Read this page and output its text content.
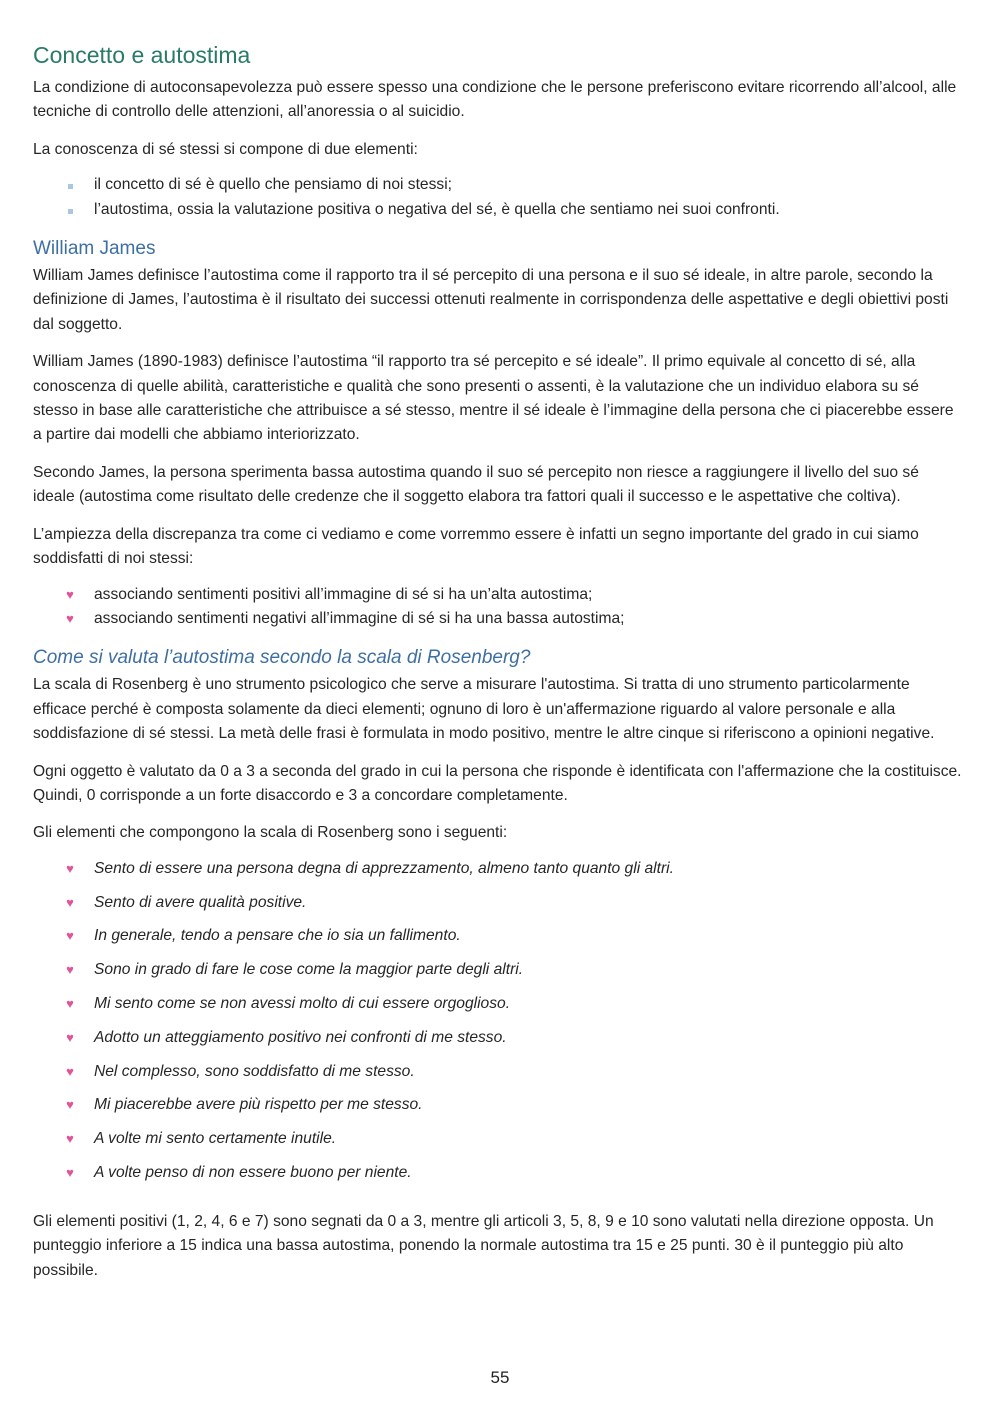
Concetto e autostima

La condizione di autoconsapevolezza può essere spesso una condizione che le persone preferiscono evitare ricorrendo all’alcool, alle tecniche di controllo delle attenzioni, all’anoressia o al suicidio.

La conoscenza di sé stessi si compone di due elementi:

il concetto di sé è quello che pensiamo di noi stessi;
l’autostima, ossia la valutazione positiva o negativa del sé, è quella che sentiamo nei suoi confronti.
William James

William James definisce l’autostima come il rapporto tra il sé percepito di una persona e il suo sé ideale, in altre parole, secondo la definizione di James, l’autostima è il risultato dei successi ottenuti realmente in corrispondenza delle aspettative e degli obiettivi posti dal soggetto.

William James (1890-1983) definisce l’autostima “il rapporto tra sé percepito e sé ideale”. Il primo equivale al concetto di sé, alla conoscenza di quelle abilità, caratteristiche e qualità che sono presenti o assenti, è la valutazione che un individuo elabora su sé stesso in base alle caratteristiche che attribuisce a sé stesso, mentre il sé ideale è l’immagine della persona che ci piacerebbe essere a partire dai modelli che abbiamo interiorizzato.

Secondo James, la persona sperimenta bassa autostima quando il suo sé percepito non riesce a raggiungere il livello del suo sé ideale (autostima come risultato delle credenze che il soggetto elabora tra fattori quali il successo e le aspettative che coltiva).

L’ampiezza della discrepanza tra come ci vediamo e come vorremmo essere è infatti un segno importante del grado in cui siamo soddisfatti di noi stessi:

♥ associando sentimenti positivi all’immagine di sé si ha un’alta autostima;
♥ associando sentimenti negativi all’immagine di sé si ha una bassa autostima;
Come si valuta l’autostima secondo la scala di Rosenberg?

La scala di Rosenberg è uno strumento psicologico che serve a misurare l'autostima. Si tratta di uno strumento particolarmente efficace perché è composta solamente da dieci elementi; ognuno di loro è un'affermazione riguardo al valore personale e alla soddisfazione di sé stessi. La metà delle frasi è formulata in modo positivo, mentre le altre cinque si riferiscono a opinioni negative.

Ogni oggetto è valutato da 0 a 3 a seconda del grado in cui la persona che risponde è identificata con l'affermazione che la costituisce. Quindi, 0 corrisponde a un forte disaccordo e 3 a concordare completamente.

Gli elementi che compongono la scala di Rosenberg sono i seguenti:

♥ Sento di essere una persona degna di apprezzamento, almeno tanto quanto gli altri.
♥ Sento di avere qualità positive.
♥ In generale, tendo a pensare che io sia un fallimento.
♥ Sono in grado di fare le cose come la maggior parte degli altri.
♥ Mi sento come se non avessi molto di cui essere orgoglioso.
♥ Adotto un atteggiamento positivo nei confronti di me stesso.
♥ Nel complesso, sono soddisfatto di me stesso.
♥ Mi piacerebbe avere più rispetto per me stesso.
♥ A volte mi sento certamente inutile.
♥ A volte penso di non essere buono per niente.

Gli elementi positivi (1, 2, 4, 6 e 7) sono segnati da 0 a 3, mentre gli articoli 3, 5, 8, 9 e 10 sono valutati nella direzione opposta. Un punteggio inferiore a 15 indica una bassa autostima, ponendo la normale autostima tra 15 e 25 punti. 30 è il punteggio più alto possibile.

55
